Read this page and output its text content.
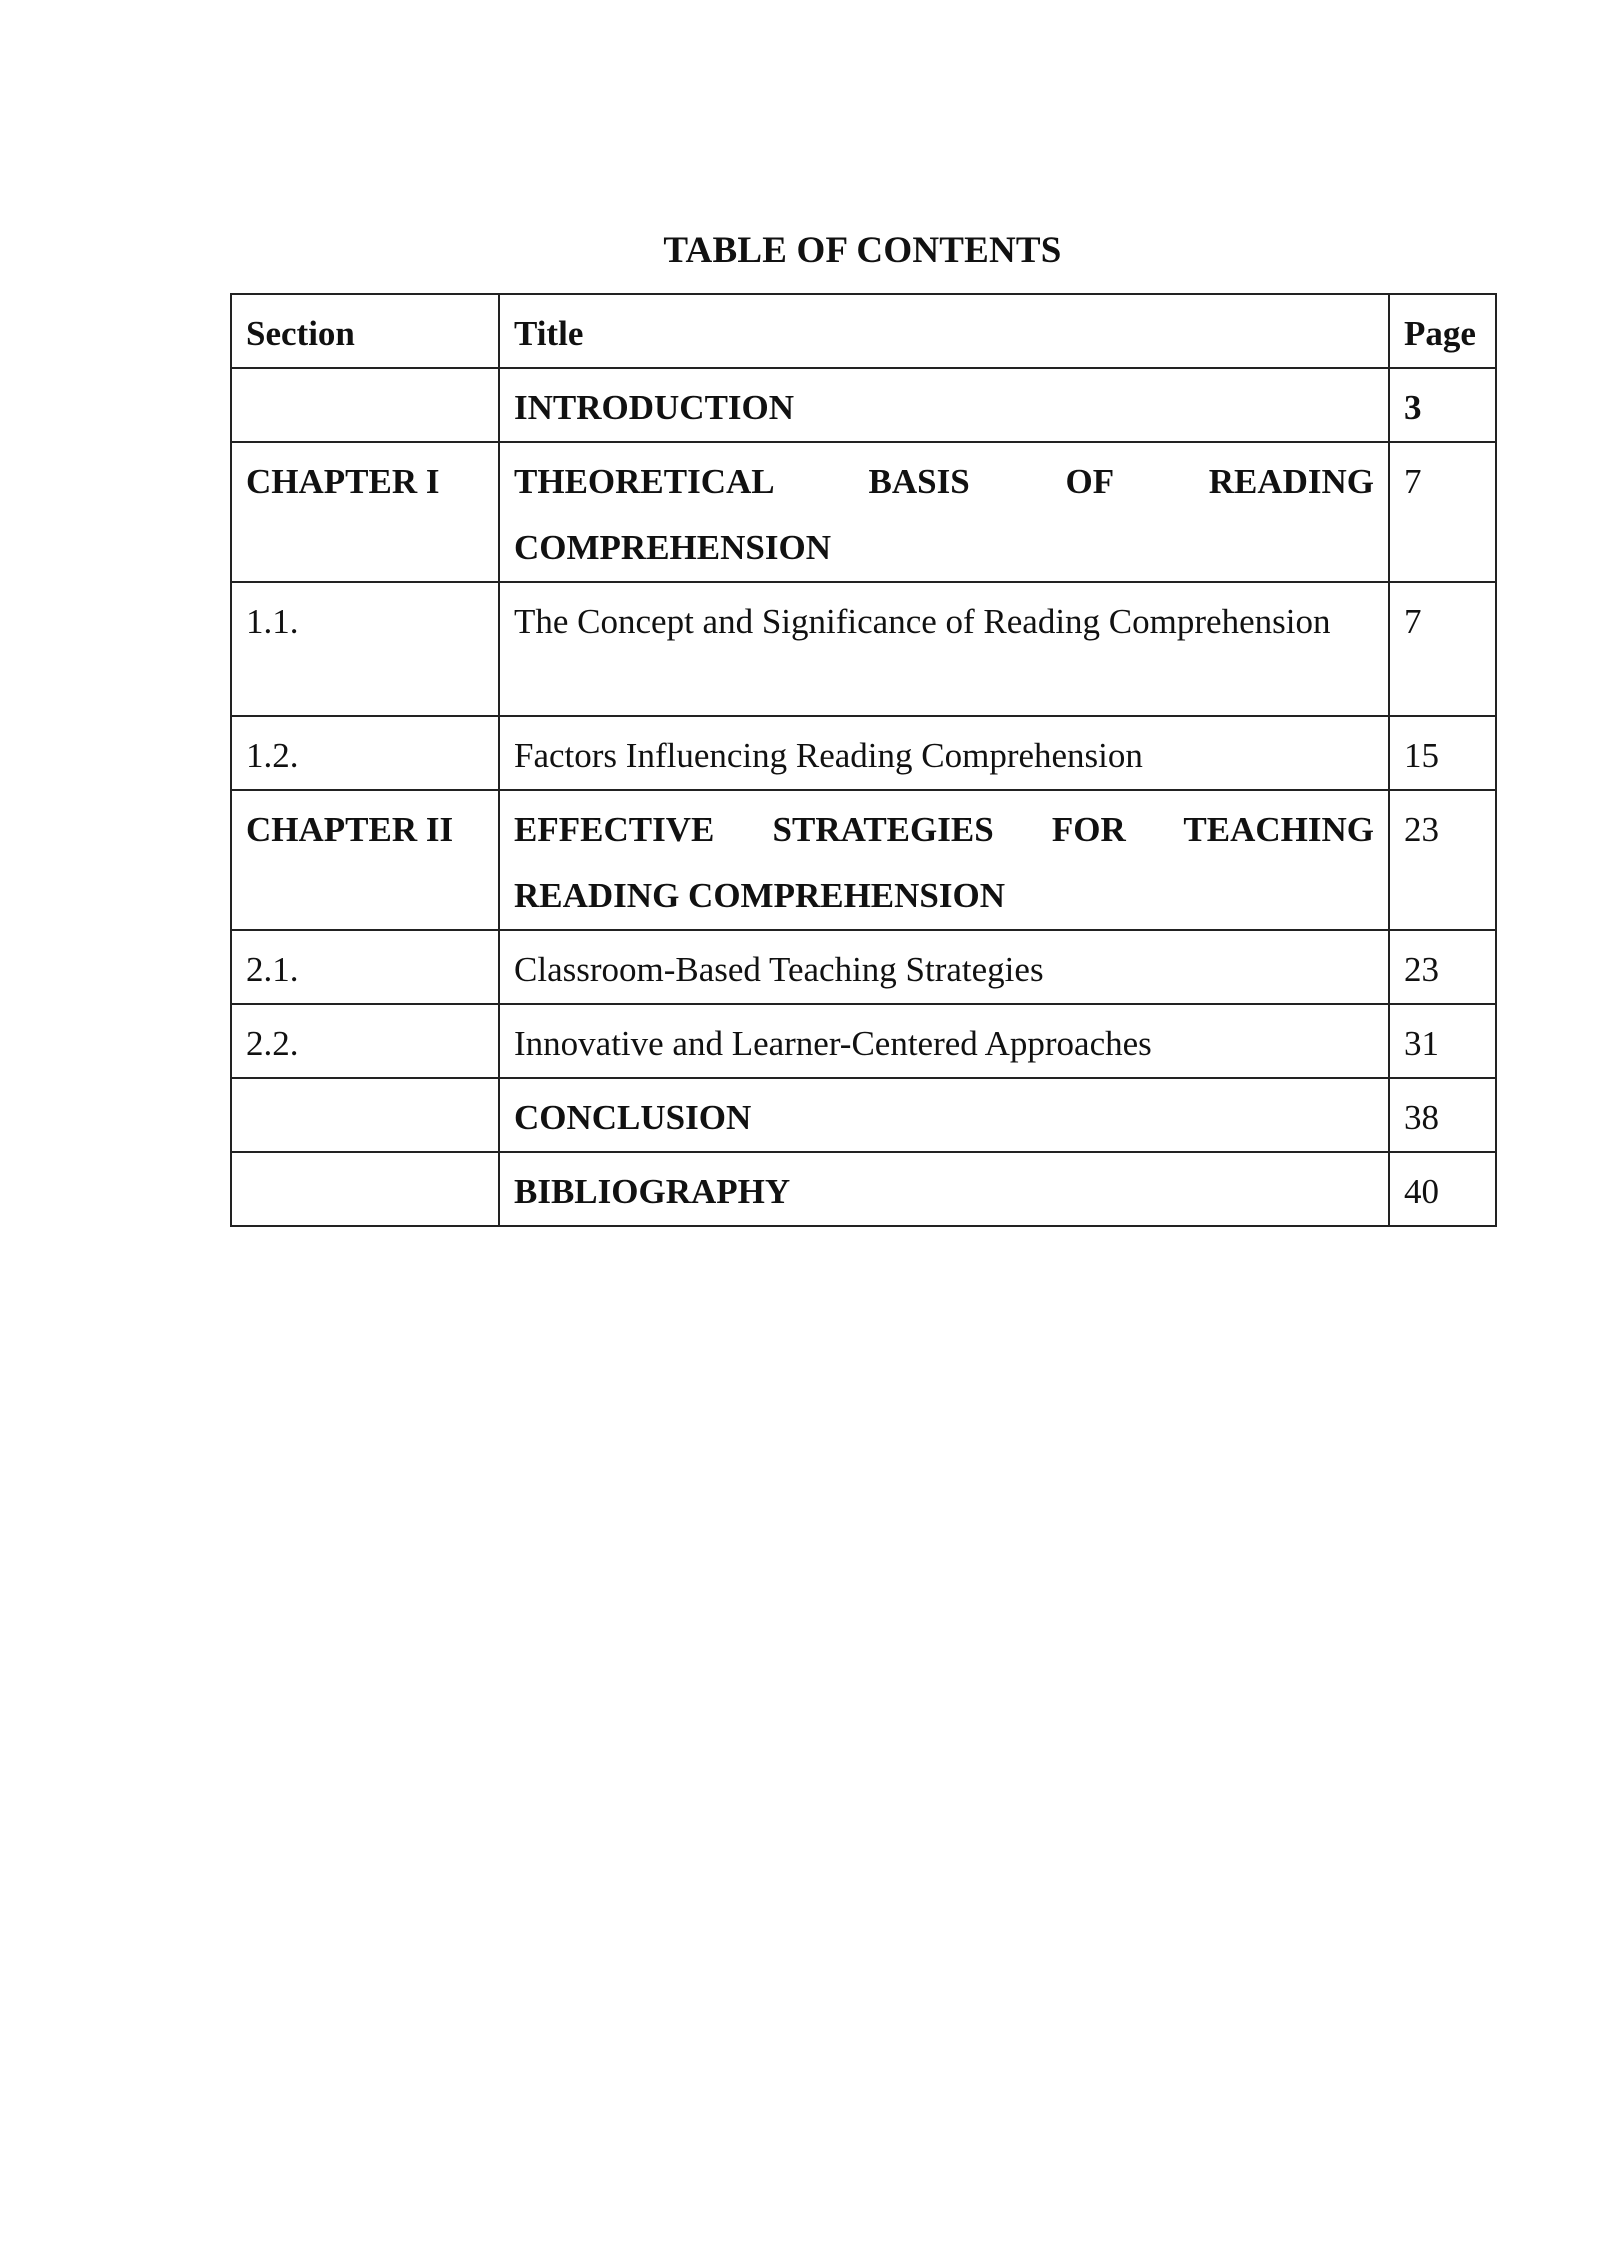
TABLE OF CONTENTS
Section	Title	Page

	INTRODUCTION	3

CHAPTER I	THEORETICAL BASIS OF READING COMPREHENSION	7

1.1.	The Concept and Significance of Reading Comprehension	7

1.2.	Factors Influencing Reading Comprehension	15

CHAPTER II	EFFECTIVE STRATEGIES FOR TEACHING READING COMPREHENSION	23

2.1.	Classroom-Based Teaching Strategies	23

2.2.	Innovative and Learner-Centered Approaches	31

	CONCLUSION	38

	BIBLIOGRAPHY	40
